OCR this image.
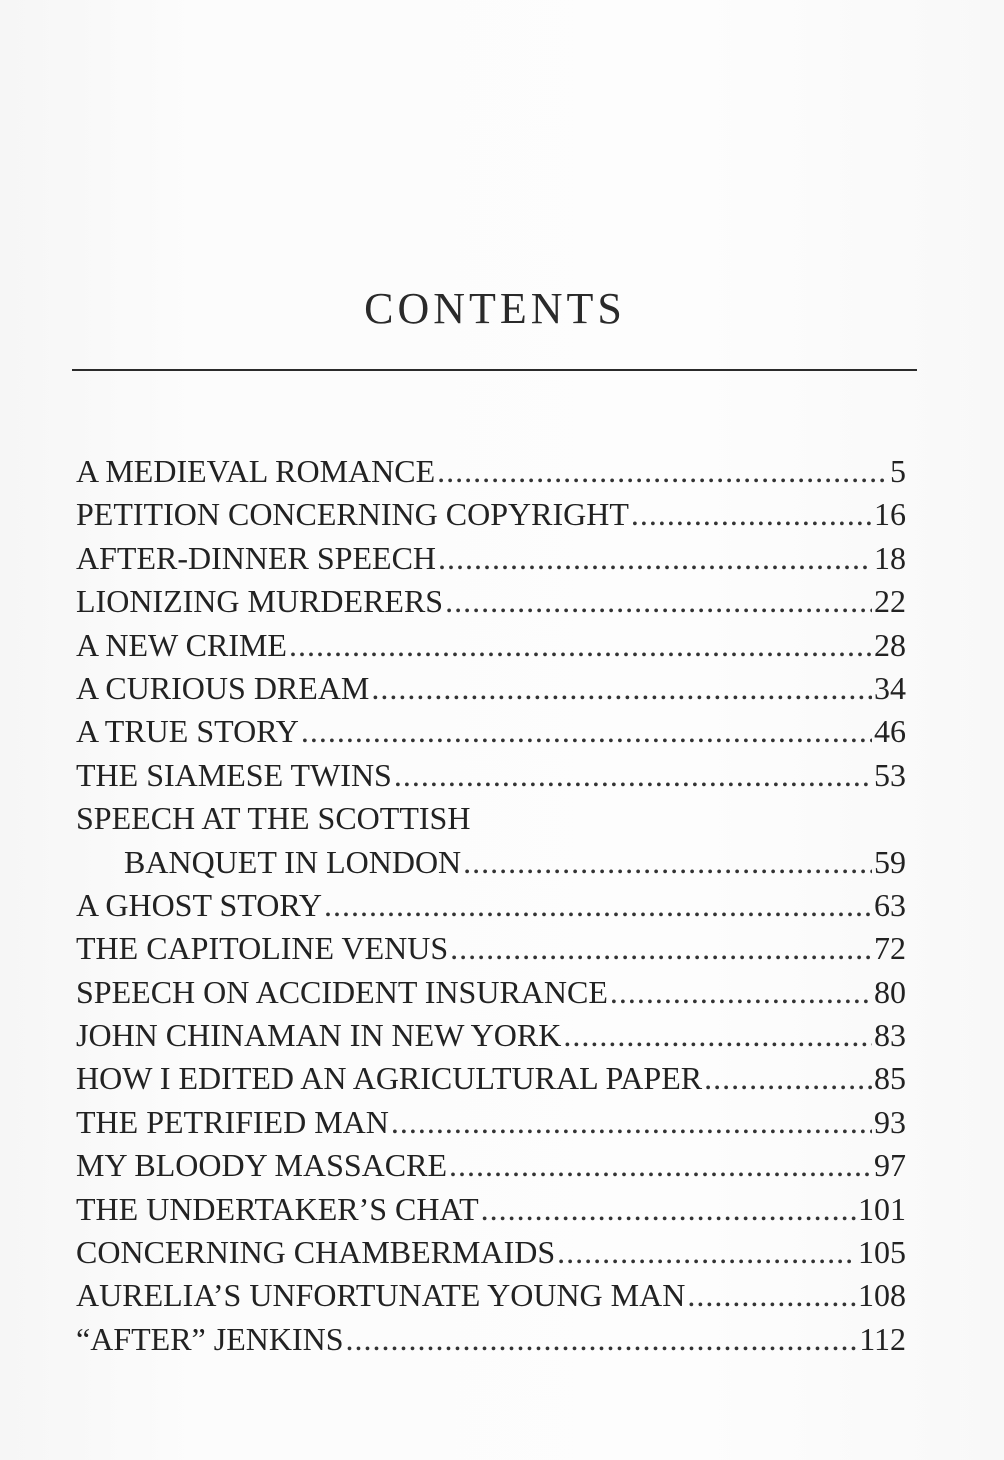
CONTENTS
A MEDIEVAL ROMANCE .....	5
PETITION CONCERNING COPYRIGHT .....	16
AFTER-DINNER SPEECH .....	18
LIONIZING MURDERERS .....	22
A NEW CRIME .....	28
A CURIOUS DREAM .....	34
A TRUE STORY .....	46
THE SIAMESE TWINS .....	53
SPEECH AT THE SCOTTISH
BANQUET IN LONDON .....	59
A GHOST STORY .....	63
THE CAPITOLINE VENUS .....	72
SPEECH ON ACCIDENT INSURANCE .....	80
JOHN CHINAMAN IN NEW YORK .....	83
HOW I EDITED AN AGRICULTURAL PAPER .....	85
THE PETRIFIED MAN .....	93
MY BLOODY MASSACRE .....	97
THE UNDERTAKER’S CHAT .....	101
CONCERNING CHAMBERMAIDS .....	105
AURELIA’S UNFORTUNATE YOUNG MAN .....	108
“AFTER” JENKINS .....	112
